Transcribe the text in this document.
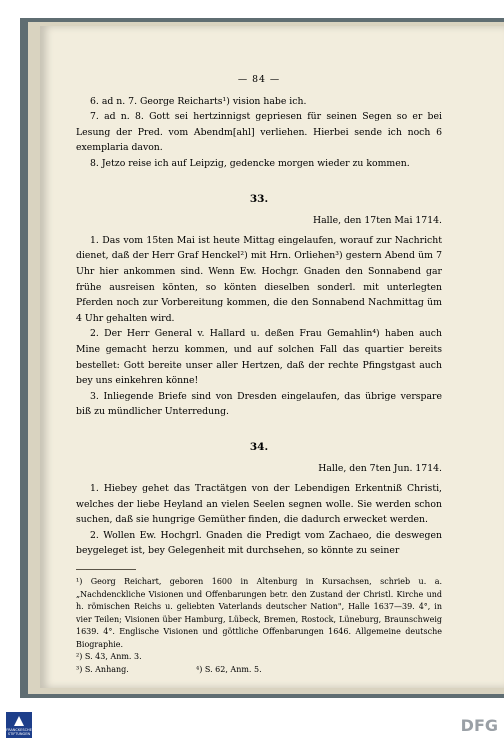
— 84 —

6. ad n. 7. George Reicharts¹) vision habe ich.

7. ad n. 8. Gott sei hertzinnigst gepriesen für seinen Segen so er bei Lesung der Pred. vom Abendm[ahl] verliehen. Hierbei sende ich noch 6 exemplaria davon.

8. Jetzo reise ich auf Leipzig, gedencke morgen wieder zu kommen.

33.
Halle, den 17ten Mai 1714.

1. Das vom 15ten Mai ist heute Mittag eingelaufen, worauf zur Nachricht dienet, daß der Herr Graf Henckel²) mit Hrn. Orliehen³) gestern Abend üm 7 Uhr hier ankommen sind. Wenn Ew. Hochgr. Gnaden den Sonnabend gar frühe ausreisen könten, so könten dieselben sonderl. mit unterlegten Pferden noch zur Vorbereitung kommen, die den Sonnabend Nachmittag üm 4 Uhr gehalten wird.

2. Der Herr General v. Hallard u. deßen Frau Gemahlin⁴) haben auch Mine gemacht herzu kommen, und auf solchen Fall das quartier bereits bestellet: Gott bereite unser aller Hertzen, daß der rechte Pfingstgast auch bey uns einkehren könne!

3. Inliegende Briefe sind von Dresden eingelaufen, das übrige verspare biß zu mündlicher Unterredung.

34.
Halle, den 7ten Jun. 1714.

1. Hiebey gehet das Tractätgen von der Lebendigen Erkentniß Christi, welches der liebe Heyland an vielen Seelen segnen wolle. Sie werden schon suchen, daß sie hungrige Gemüther finden, die dadurch erwecket werden.

2. Wollen Ew. Hochgrl. Gnaden die Predigt vom Zachaeo, die deswegen beygeleget ist, bey Gelegenheit mit durchsehen, so könnte zu seiner

¹) Georg Reichart, geboren 1600 in Altenburg in Kursachsen, schrieb u. a. „Nachdenckliche Visionen und Offenbarungen betr. den Zustand der Christl. Kirche und h. römischen Reichs u. geliebten Vaterlands deutscher Nation", Halle 1637—39. 4°, in vier Teilen; Visionen über Hamburg, Lübeck, Bremen, Rostock, Lüneburg, Braunschweig 1639. 4°. Englische Visionen und göttliche Offenbarungen 1646. Allgemeine deutsche Biographie.

²) S. 43, Anm. 3.

³) S. Anhang.	⁴) S. 62, Anm. 5.
FRANCKESCHE STIFTUNGEN	DFG
